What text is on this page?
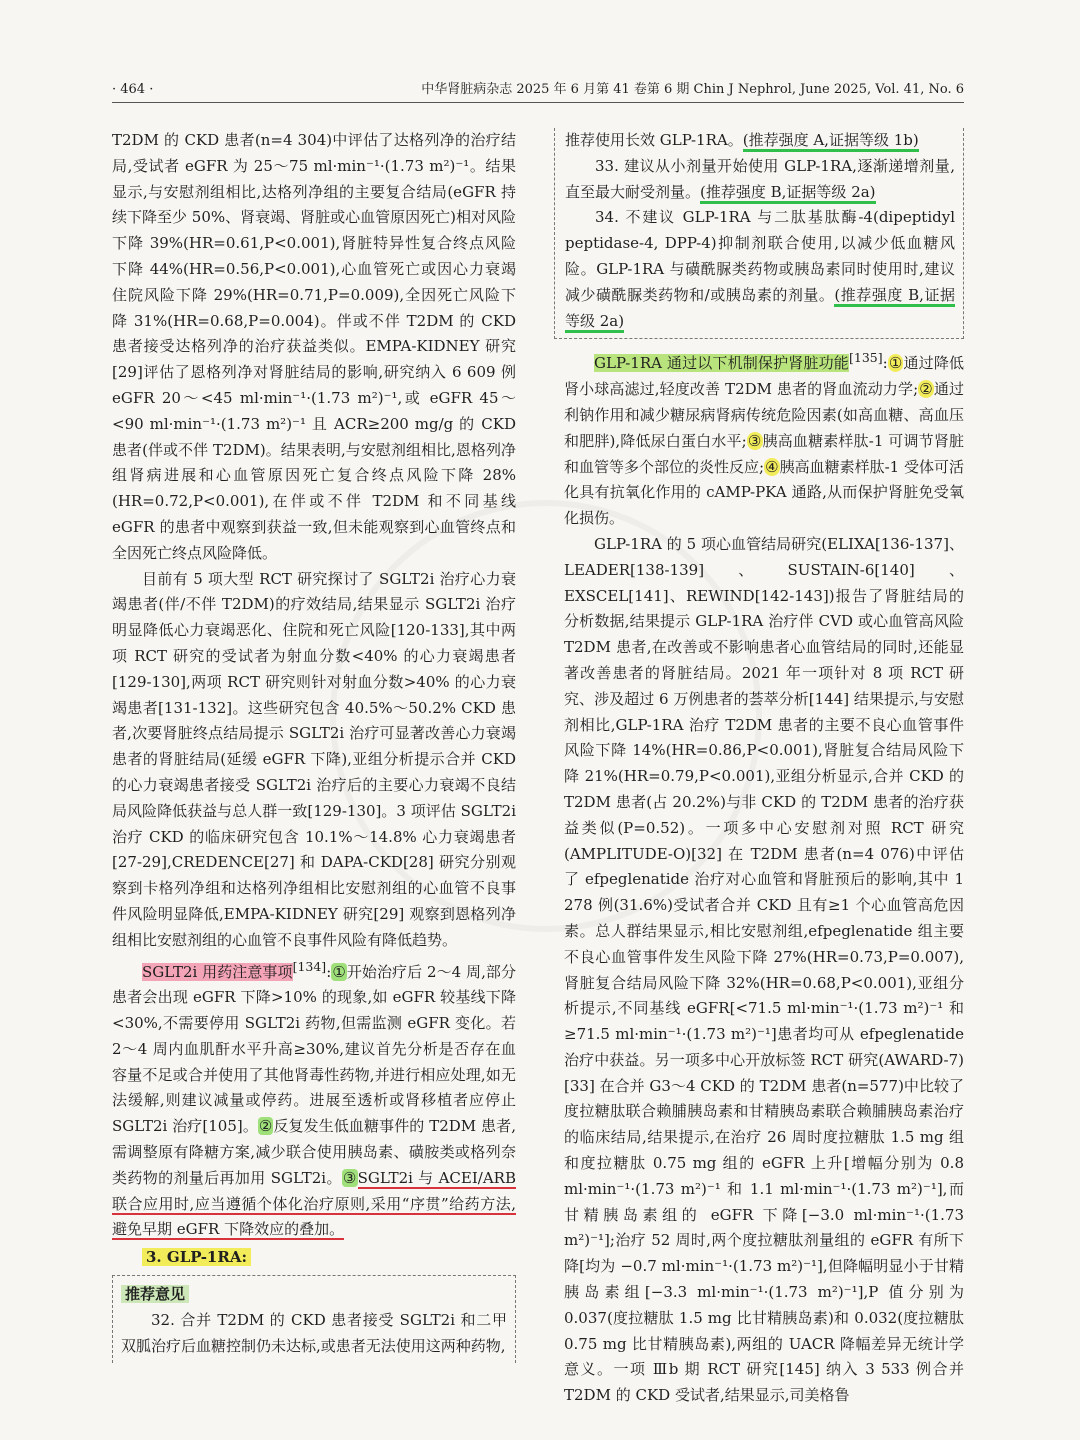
· 464 ·	中华肾脏病杂志 2025 年 6 月第 41 卷第 6 期 Chin J Nephrol, June 2025, Vol. 41, No. 6

T2DM 的 CKD 患者(n=4 304)中评估了达格列净的治疗结局,受试者 eGFR 为 25～75 ml·min⁻¹·(1.73 m²)⁻¹。结果显示,与安慰剂组相比,达格列净组的主要复合结局(eGFR 持续下降至少 50%、肾衰竭、肾脏或心血管原因死亡)相对风险下降 39%(HR=0.61,P<0.001),肾脏特异性复合终点风险下降 44%(HR=0.56,P<0.001),心血管死亡或因心力衰竭住院风险下降 29%(HR=0.71,P=0.009),全因死亡风险下降 31%(HR=0.68,P=0.004)。伴或不伴 T2DM 的 CKD 患者接受达格列净的治疗获益类似。EMPA-KIDNEY 研究[29]评估了恩格列净对肾脏结局的影响,研究纳入 6 609 例 eGFR 20～<45 ml·min⁻¹·(1.73 m²)⁻¹,或 eGFR 45～<90 ml·min⁻¹·(1.73 m²)⁻¹ 且 ACR≥200 mg/g 的 CKD 患者(伴或不伴 T2DM)。结果表明,与安慰剂组相比,恩格列净组肾病进展和心血管原因死亡复合终点风险下降 28%(HR=0.72,P<0.001),在伴或不伴 T2DM 和不同基线 eGFR 的患者中观察到获益一致,但未能观察到心血管终点和全因死亡终点风险降低。

目前有 5 项大型 RCT 研究探讨了 SGLT2i 治疗心力衰竭患者(伴/不伴 T2DM)的疗效结局,结果显示 SGLT2i 治疗明显降低心力衰竭恶化、住院和死亡风险[120-133],其中两项 RCT 研究的受试者为射血分数<40% 的心力衰竭患者[129-130],两项 RCT 研究则针对射血分数>40% 的心力衰竭患者[131-132]。这些研究包含 40.5%～50.2% CKD 患者,次要肾脏终点结局提示 SGLT2i 治疗可显著改善心力衰竭患者的肾脏结局(延缓 eGFR 下降),亚组分析提示合并 CKD 的心力衰竭患者接受 SGLT2i 治疗后的主要心力衰竭不良结局风险降低获益与总人群一致[129-130]。3 项评估 SGLT2i 治疗 CKD 的临床研究包含 10.1%～14.8% 心力衰竭患者[27-29],CREDENCE[27] 和 DAPA-CKD[28] 研究分别观察到卡格列净组和达格列净组相比安慰剂组的心血管不良事件风险明显降低,EMPA-KIDNEY 研究[29] 观察到恩格列净组相比安慰剂组的心血管不良事件风险有降低趋势。

SGLT2i 用药注意事项[134]:①开始治疗后 2～4 周,部分患者会出现 eGFR 下降>10% 的现象,如 eGFR 较基线下降<30%,不需要停用 SGLT2i 药物,但需监测 eGFR 变化。若 2～4 周内血肌酐水平升高≥30%,建议首先分析是否存在血容量不足或合并使用了其他肾毒性药物,并进行相应处理,如无法缓解,则建议减量或停药。进展至透析或肾移植者应停止 SGLT2i 治疗[105]。②反复发生低血糖事件的 T2DM 患者,需调整原有降糖方案,减少联合使用胰岛素、磺胺类或格列奈类药物的剂量后再加用 SGLT2i。③SGLT2i 与 ACEI/ARB 联合应用时,应当遵循个体化治疗原则,采用“序贯”给药方法,避免早期 eGFR 下降效应的叠加。

3. GLP-1RA:

推荐意见

32. 合并 T2DM 的 CKD 患者接受 SGLT2i 和二甲双胍治疗后血糖控制仍未达标,或患者无法使用这两种药物,

推荐使用长效 GLP-1RA。(推荐强度 A,证据等级 1b)

33. 建议从小剂量开始使用 GLP-1RA,逐渐递增剂量,直至最大耐受剂量。(推荐强度 B,证据等级 2a)

34. 不建议 GLP-1RA 与二肽基肽酶-4(dipeptidyl peptidase-4, DPP-4)抑制剂联合使用,以减少低血糖风险。GLP-1RA 与磺酰脲类药物或胰岛素同时使用时,建议减少磺酰脲类药物和/或胰岛素的剂量。(推荐强度 B,证据等级 2a)

GLP-1RA 通过以下机制保护肾脏功能[135]:①通过降低肾小球高滤过,轻度改善 T2DM 患者的肾血流动力学;②通过利钠作用和减少糖尿病肾病传统危险因素(如高血糖、高血压和肥胖),降低尿白蛋白水平;③胰高血糖素样肽-1 可调节肾脏和血管等多个部位的炎性反应;④胰高血糖素样肽-1 受体可活化具有抗氧化作用的 cAMP-PKA 通路,从而保护肾脏免受氧化损伤。

GLP-1RA 的 5 项心血管结局研究(ELIXA[136-137]、LEADER[138-139]、SUSTAIN-6[140]、EXSCEL[141]、REWIND[142-143])报告了肾脏结局的分析数据,结果提示 GLP-1RA 治疗伴 CVD 或心血管高风险 T2DM 患者,在改善或不影响患者心血管结局的同时,还能显著改善患者的肾脏结局。2021 年一项针对 8 项 RCT 研究、涉及超过 6 万例患者的荟萃分析[144] 结果提示,与安慰剂相比,GLP-1RA 治疗 T2DM 患者的主要不良心血管事件风险下降 14%(HR=0.86,P<0.001),肾脏复合结局风险下降 21%(HR=0.79,P<0.001),亚组分析显示,合并 CKD 的 T2DM 患者(占 20.2%)与非 CKD 的 T2DM 患者的治疗获益类似(P=0.52)。一项多中心安慰剂对照 RCT 研究(AMPLITUDE-O)[32] 在 T2DM 患者(n=4 076)中评估了 efpeglenatide 治疗对心血管和肾脏预后的影响,其中 1 278 例(31.6%)受试者合并 CKD 且有≥1 个心血管高危因素。总人群结果显示,相比安慰剂组,efpeglenatide 组主要不良心血管事件发生风险下降 27%(HR=0.73,P=0.007),肾脏复合结局风险下降 32%(HR=0.68,P<0.001),亚组分析提示,不同基线 eGFR[<71.5 ml·min⁻¹·(1.73 m²)⁻¹ 和≥71.5 ml·min⁻¹·(1.73 m²)⁻¹]患者均可从 efpeglenatide 治疗中获益。另一项多中心开放标签 RCT 研究(AWARD-7)[33] 在合并 G3～4 CKD 的 T2DM 患者(n=577)中比较了度拉糖肽联合赖脯胰岛素和甘精胰岛素联合赖脯胰岛素治疗的临床结局,结果提示,在治疗 26 周时度拉糖肽 1.5 mg 组和度拉糖肽 0.75 mg 组的 eGFR 上升[增幅分别为 0.8 ml·min⁻¹·(1.73 m²)⁻¹ 和 1.1 ml·min⁻¹·(1.73 m²)⁻¹],而甘精胰岛素组的 eGFR 下降[−3.0 ml·min⁻¹·(1.73 m²)⁻¹];治疗 52 周时,两个度拉糖肽剂量组的 eGFR 有所下降[均为 −0.7 ml·min⁻¹·(1.73 m²)⁻¹],但降幅明显小于甘精胰岛素组[−3.3 ml·min⁻¹·(1.73 m²)⁻¹],P 值分别为 0.037(度拉糖肽 1.5 mg 比甘精胰岛素)和 0.032(度拉糖肽 0.75 mg 比甘精胰岛素),两组的 UACR 降幅差异无统计学意义。一项 Ⅲb 期 RCT 研究[145] 纳入 3 533 例合并 T2DM 的 CKD 受试者,结果显示,司美格鲁
